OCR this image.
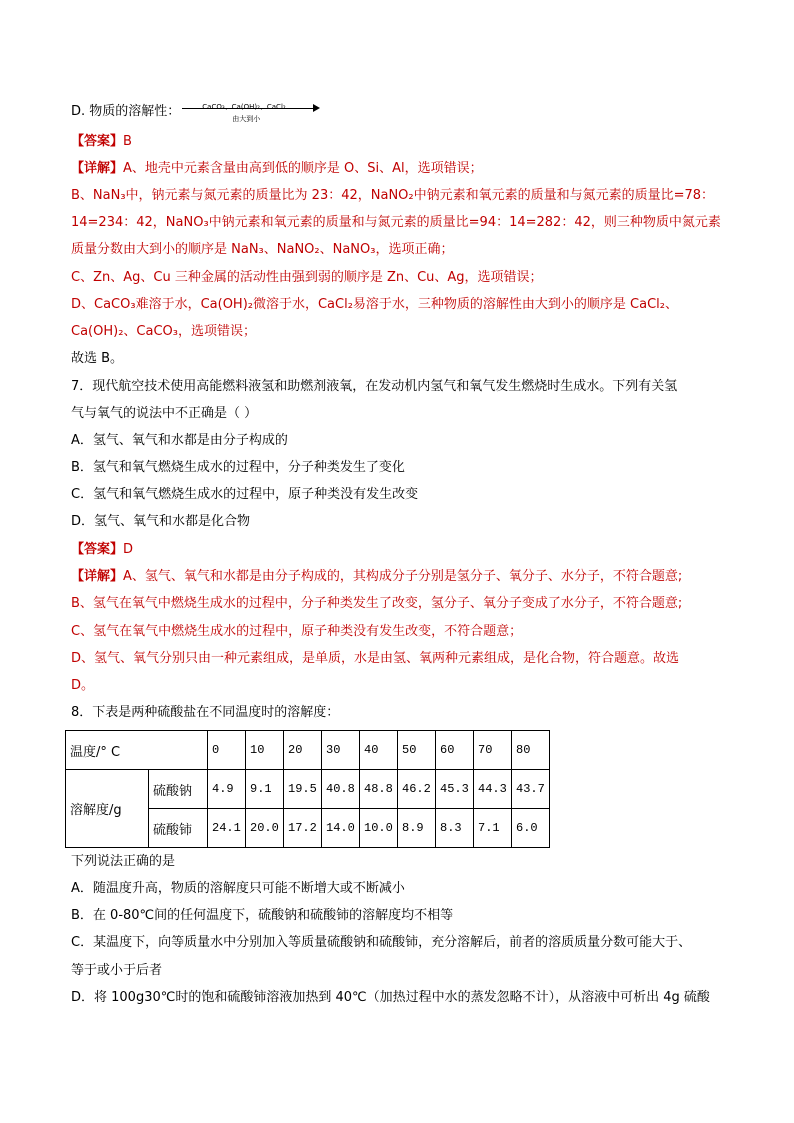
D. 物质的溶解性：	CaCO₃、Ca(OH)₂、CaCl₂
由大到小
【答案】B
【详解】A、地壳中元素含量由高到低的顺序是 O、Si、Al，选项错误；
B、NaN₃中，钠元素与氮元素的质量比为 23：42，NaNO₂中钠元素和氧元素的质量和与氮元素的质量比=78：
14=234：42，NaNO₃中钠元素和氧元素的质量和与氮元素的质量比=94：14=282：42，则三种物质中氮元素
质量分数由大到小的顺序是 NaN₃、NaNO₂、NaNO₃，选项正确；
C、Zn、Ag、Cu 三种金属的活动性由强到弱的顺序是 Zn、Cu、Ag，选项错误；
D、CaCO₃难溶于水，Ca(OH)₂微溶于水，CaCl₂易溶于水，三种物质的溶解性由大到小的顺序是 CaCl₂、
Ca(OH)₂、CaCO₃，选项错误；
故选 B。
7．现代航空技术使用高能燃料液氢和助燃剂液氧，在发动机内氢气和氧气发生燃烧时生成水。下列有关氢
气与氧气的说法中不正确是（ ）
A．氢气、氧气和水都是由分子构成的
B．氢气和氧气燃烧生成水的过程中，分子种类发生了变化
C．氢气和氧气燃烧生成水的过程中，原子种类没有发生改变
D．氢气、氧气和水都是化合物
【答案】D
【详解】A、氢气、氧气和水都是由分子构成的，其构成分子分别是氢分子、氧分子、水分子，不符合题意;
B、氢气在氧气中燃烧生成水的过程中，分子种类发生了改变，氢分子、氧分子变成了水分子，不符合题意;
C、氢气在氧气中燃烧生成水的过程中，原子种类没有发生改变，不符合题意；
D、氢气、氧气分别只由一种元素组成，是单质，水是由氢、氧两种元素组成，是化合物，符合题意。故选
D。
8．下表是两种硫酸盐在不同温度时的溶解度：
温度/° C		0	10	20	30	40	50	60	70	80
溶解度/g	硫酸钠	4.9	9.1	19.5	40.8	48.8	46.2	45.3	44.3	43.7
	硫酸铈	24.1	20.0	17.2	14.0	10.0	8.9	8.3	7.1	6.0
下列说法正确的是
A．随温度升高，物质的溶解度只可能不断增大或不断减小
B．在 0-80℃间的任何温度下，硫酸钠和硫酸铈的溶解度均不相等
C．某温度下，向等质量水中分别加入等质量硫酸钠和硫酸铈，充分溶解后，前者的溶质质量分数可能大于、
等于或小于后者
D．将 100g30℃时的饱和硫酸铈溶液加热到 40℃（加热过程中水的蒸发忽略不计），从溶液中可析出 4g 硫酸
